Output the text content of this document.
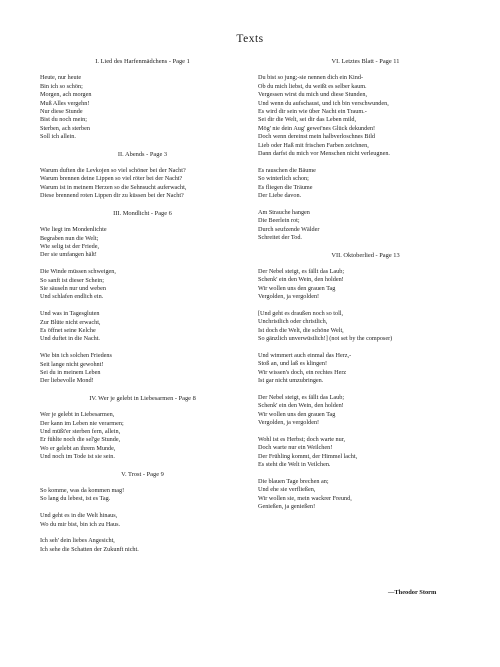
Texts
I. Lied des Harfenmädchens - Page 1
Heute, nur heute
Bin ich so schön;
Morgen, ach morgen
Muß Alles vergehn!
Nur diese Stunde
Bist du noch mein;
Sterben, ach sterben
Soll ich allein.
II. Abends - Page 3
Warum duften die Levkojen so viel schöner bei der Nacht?
Warum brennen deine Lippen so viel röter bei der Nacht?
Warum ist in meinem Herzen so die Sehnsucht auferwacht,
Diese brennend roten Lippen dir zu küssen bei der Nacht?
III. Mondlicht - Page 6
Wie liegt im Mondenlichte
Begraben nun die Welt;
Wie selig ist der Friede,
Der sie umfangen hält!
Die Winde müssen schweigen,
So sanft ist dieser Schein;
Sie säuseln nur und weben
Und schlafen endlich ein.
Und was in Tagesgluten
Zur Blüte nicht erwacht,
Es öffnet seine Kelche
Und duftet in die Nacht.
Wie bin ich solchen Friedens
Seit lange nicht gewohnt!
Sei du in meinem Leben
Der liebevolle Mond!
IV. Wer je gelebt in Liebesarmen - Page 8
Wer je gelebt in Liebesarmen,
Der kann im Leben nie verarmen;
Und müßt'er sterben fern, allein,
Er fühlte noch die sel'ge Stunde,
Wo er gelebt an ihrem Munde,
Und noch im Tode ist sie sein.
V. Trost - Page 9
So komme, was da kommen mag!
So lang du lebest, ist es Tag.
Und geht es in die Welt hinaus,
Wo du mir bist, bin ich zu Haus.
Ich seh' dein liebes Angesicht,
Ich sehe die Schatten der Zukunft nicht.
VI. Letztes Blatt - Page 11
Du bist so jung;-sie nennen dich ein Kind-
Ob du mich liebst, du weißt es selber kaum.
Vergessen wirst du mich und diese Stunden,
Und wenn du aufschaust, und ich bin verschwunden,
Es wird dir sein wie über Nacht ein Traum.-
Sei dir die Welt, sei dir das Leben mild,
Mög' nie dein Aug' gewei'nes Glück dekunden!
Doch wenn dereinst mein halbverloschnes Bild
Lieb oder Haß mit frischen Farben zeichnen,
Dann darfst du mich vor Menschen nicht verleugnen.
Es rauschen die Bäume
So winterlich schon;
Es fliegen die Träume
Der Liebe davon.
Am Strauche hangen
Die Beerlein rot;
Durch seufzende Wälder
Schreitet der Tod.
VII. Oktoberlied - Page 13
Der Nebel steigt, es fällt das Laub;
Schenk' ein den Wein, den holden!
Wir wollen uns den grauen Tag
Vergolden, ja vergolden!
[Und geht es draußen noch so toll,
Unchristlich oder christlich,
Ist doch die Welt, die schöne Welt,
So gänzlich unverwüstlich!] (not set by the composer)
Und wimmert auch einmal das Herz,-
Stoß an, und laß es klingen!
Wir wissen's doch, ein rechtes Herz
Ist gar nicht umzubringen.
Der Nebel steigt, es fällt das Laub;
Schenk' ein den Wein, den holden!
Wir wollen uns den grauen Tag
Vergolden, ja vergolden!
Wohl ist es Herbst; doch warte nur,
Doch warte nur ein Weilchen!
Der Frühling kommt, der Himmel lacht,
Es steht die Welt in Veilchen.
Die blauen Tage brechen an;
Und ehe sie verfließen,
Wir wollen sie, mein wackrer Freund,
Genießen, ja genießen!
—Theodor Storm
